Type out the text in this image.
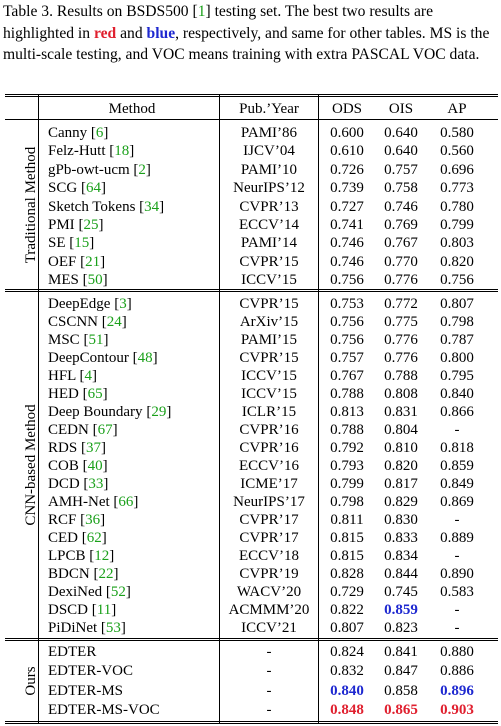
Table 3. Results on BSDS500 [1] testing set. The best two results are highlighted in red and blue, respectively, and same for other tables. MS is the multi-scale testing, and VOC means training with extra PASCAL VOC data.

Method	Pub.’Year	ODS	OIS	AP
Traditional Method
CNN-based Method
Ours
Canny [6]	PAMI’86	0.600	0.640	0.580
Felz-Hutt [18]	IJCV’04	0.610	0.640	0.560
gPb-owt-ucm [2]	PAMI’10	0.726	0.757	0.696
SCG [64]	NeurIPS’12	0.739	0.758	0.773
Sketch Tokens [34]	CVPR’13	0.727	0.746	0.780
PMI [25]	ECCV’14	0.741	0.769	0.799
SE [15]	PAMI’14	0.746	0.767	0.803
OEF [21]	CVPR’15	0.746	0.770	0.820
MES [50]	ICCV’15	0.756	0.776	0.756
DeepEdge [3]	CVPR’15	0.753	0.772	0.807
CSCNN [24]	ArXiv’15	0.756	0.775	0.798
MSC [51]	PAMI’15	0.756	0.776	0.787
DeepContour [48]	CVPR’15	0.757	0.776	0.800
HFL [4]	ICCV’15	0.767	0.788	0.795
HED [65]	ICCV’15	0.788	0.808	0.840
Deep Boundary [29]	ICLR’15	0.813	0.831	0.866
CEDN [67]	CVPR’16	0.788	0.804	-
RDS [37]	CVPR’16	0.792	0.810	0.818
COB [40]	ECCV’16	0.793	0.820	0.859
DCD [33]	ICME’17	0.799	0.817	0.849
AMH-Net [66]	NeurIPS’17	0.798	0.829	0.869
RCF [36]	CVPR’17	0.811	0.830	-
CED [62]	CVPR’17	0.815	0.833	0.889
LPCB [12]	ECCV’18	0.815	0.834	-
BDCN [22]	CVPR’19	0.828	0.844	0.890
DexiNed [52]	WACV’20	0.729	0.745	0.583
DSCD [11]	ACMMM’20	0.822	0.859	-
PiDiNet [53]	ICCV’21	0.807	0.823	-
EDTER	-	0.824	0.841	0.880
EDTER-VOC	-	0.832	0.847	0.886
EDTER-MS	-	0.840	0.858	0.896
EDTER-MS-VOC	-	0.848	0.865	0.903
